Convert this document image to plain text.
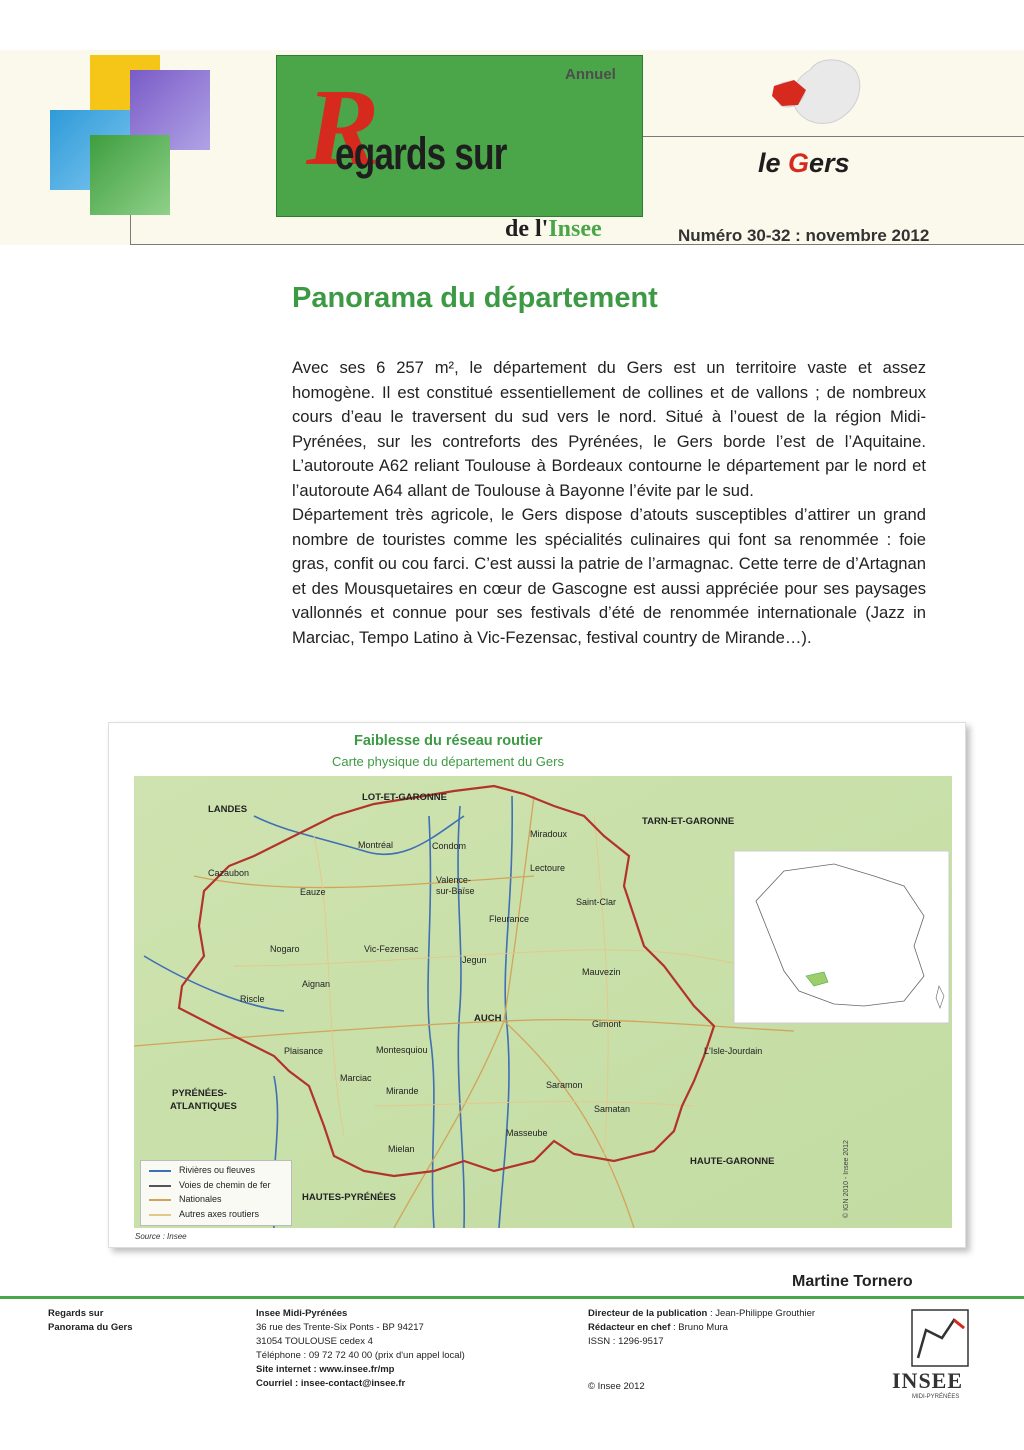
Annuel
R
egards sur
de l'Insee
le Gers
Numéro 30-32 : novembre 2012
Panorama du département

Avec ses 6 257 m², le département du Gers est un territoire vaste et assez homogène. Il est constitué essentiellement de collines et de vallons ; de nombreux cours d’eau le traversent du sud vers le nord. Situé à l’ouest de la région Midi-Pyrénées, sur les contreforts des Pyrénées, le Gers borde l’est de l’Aquitaine. L’autoroute A62 reliant Toulouse à Bordeaux contourne le département par le nord et l’autoroute A64 allant de Toulouse à Bayonne l’évite par le sud.

Département très agricole, le Gers dispose d’atouts susceptibles d’attirer un grand nombre de touristes comme les spécialités culinaires qui font sa renommée : foie gras, confit ou cou farci. C’est aussi la patrie de l’armagnac. Cette terre de d’Artagnan et des Mousquetaires en cœur de Gascogne est aussi appréciée pour ses paysages vallonnés et connue pour ses festivals d’été de renommée internationale (Jazz in Marciac, Tempo Latino à Vic-Fezensac, festival country de Mirande…).

Faiblesse du réseau routier
Carte physique du département du Gers
LANDES
LOT-ET-GARONNE
TARN-ET-GARONNE
PYRÉNÉES-
ATLANTIQUES
HAUTE-GARONNE
HAUTES-PYRÉNÉES
Miradoux
Montréal	Condom
Lectoure
Cazaubon
Valence-
sur-Baïse
Eauze
Saint-Clar
Fleurance
Nogaro	Vic-Fezensac
Jegun
Mauvezin
Aignan
Riscle
AUCH	Gimont
Plaisance	Montesquiou	L'Isle-Jourdain
Marciac
Mirande
Saramon
Samatan
Masseube
Mielan
Rivières ou fleuves
Voies de chemin de fer
Nationales
Autres axes routiers
Source : Insee
© IGN 2010 - Insee 2012
Martine Tornero
Regards sur
Panorama du Gers
Insee Midi-Pyrénées
36 rue des Trente-Six Ponts - BP 94217
31054 TOULOUSE cedex 4
Téléphone : 09 72 72 40 00 (prix d'un appel local)
Site internet : www.insee.fr/mp
Courriel : insee-contact@insee.fr
Directeur de la publication : Jean-Philippe Grouthier
Rédacteur en chef : Bruno Mura
ISSN : 1296-9517
© Insee 2012	INSEE
MIDI-PYRÉNÉES
